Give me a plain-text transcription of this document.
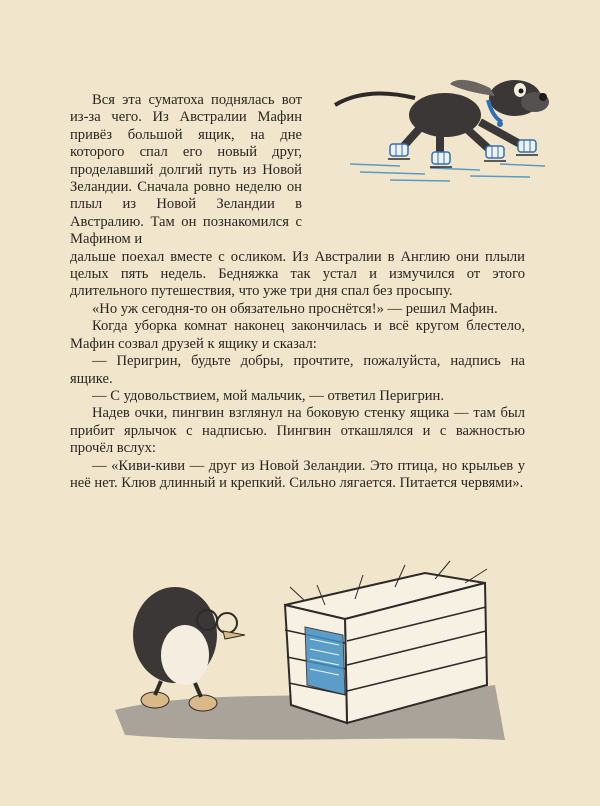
Вся эта суматоха поднялась вот из-за чего. Из Австралии Мафин привёз большой ящик, на дне которого спал его новый друг, проделавший долгий путь из Новой Зеландии. Сначала ровно неделю он плыл из Новой Зеландии в Австралию. Там он познакомился с Мафином и
дальше поехал вместе с осликом. Из Австралии в Англию они плыли целых пять недель. Бедняжка так устал и измучился от этого длительного путешествия, что уже три дня спал без просыпу.

«Но уж сегодня-то он обязательно проснётся!» — решил Мафин.

Когда уборка комнат наконец закончилась и всё кругом блестело, Мафин созвал друзей к ящику и сказал:

— Перигрин, будьте добры, прочтите, пожалуйста, надпись на ящике.

— С удовольствием, мой мальчик, — ответил Перигрин.

Надев очки, пингвин взглянул на боковую стенку ящика — там был прибит ярлычок с надписью. Пингвин откашлялся и с важностью прочёл вслух:

— «Киви-киви — друг из Новой Зеландии. Это птица, но крыльев у неё нет. Клюв длинный и крепкий. Сильно лягается. Питается червями».
